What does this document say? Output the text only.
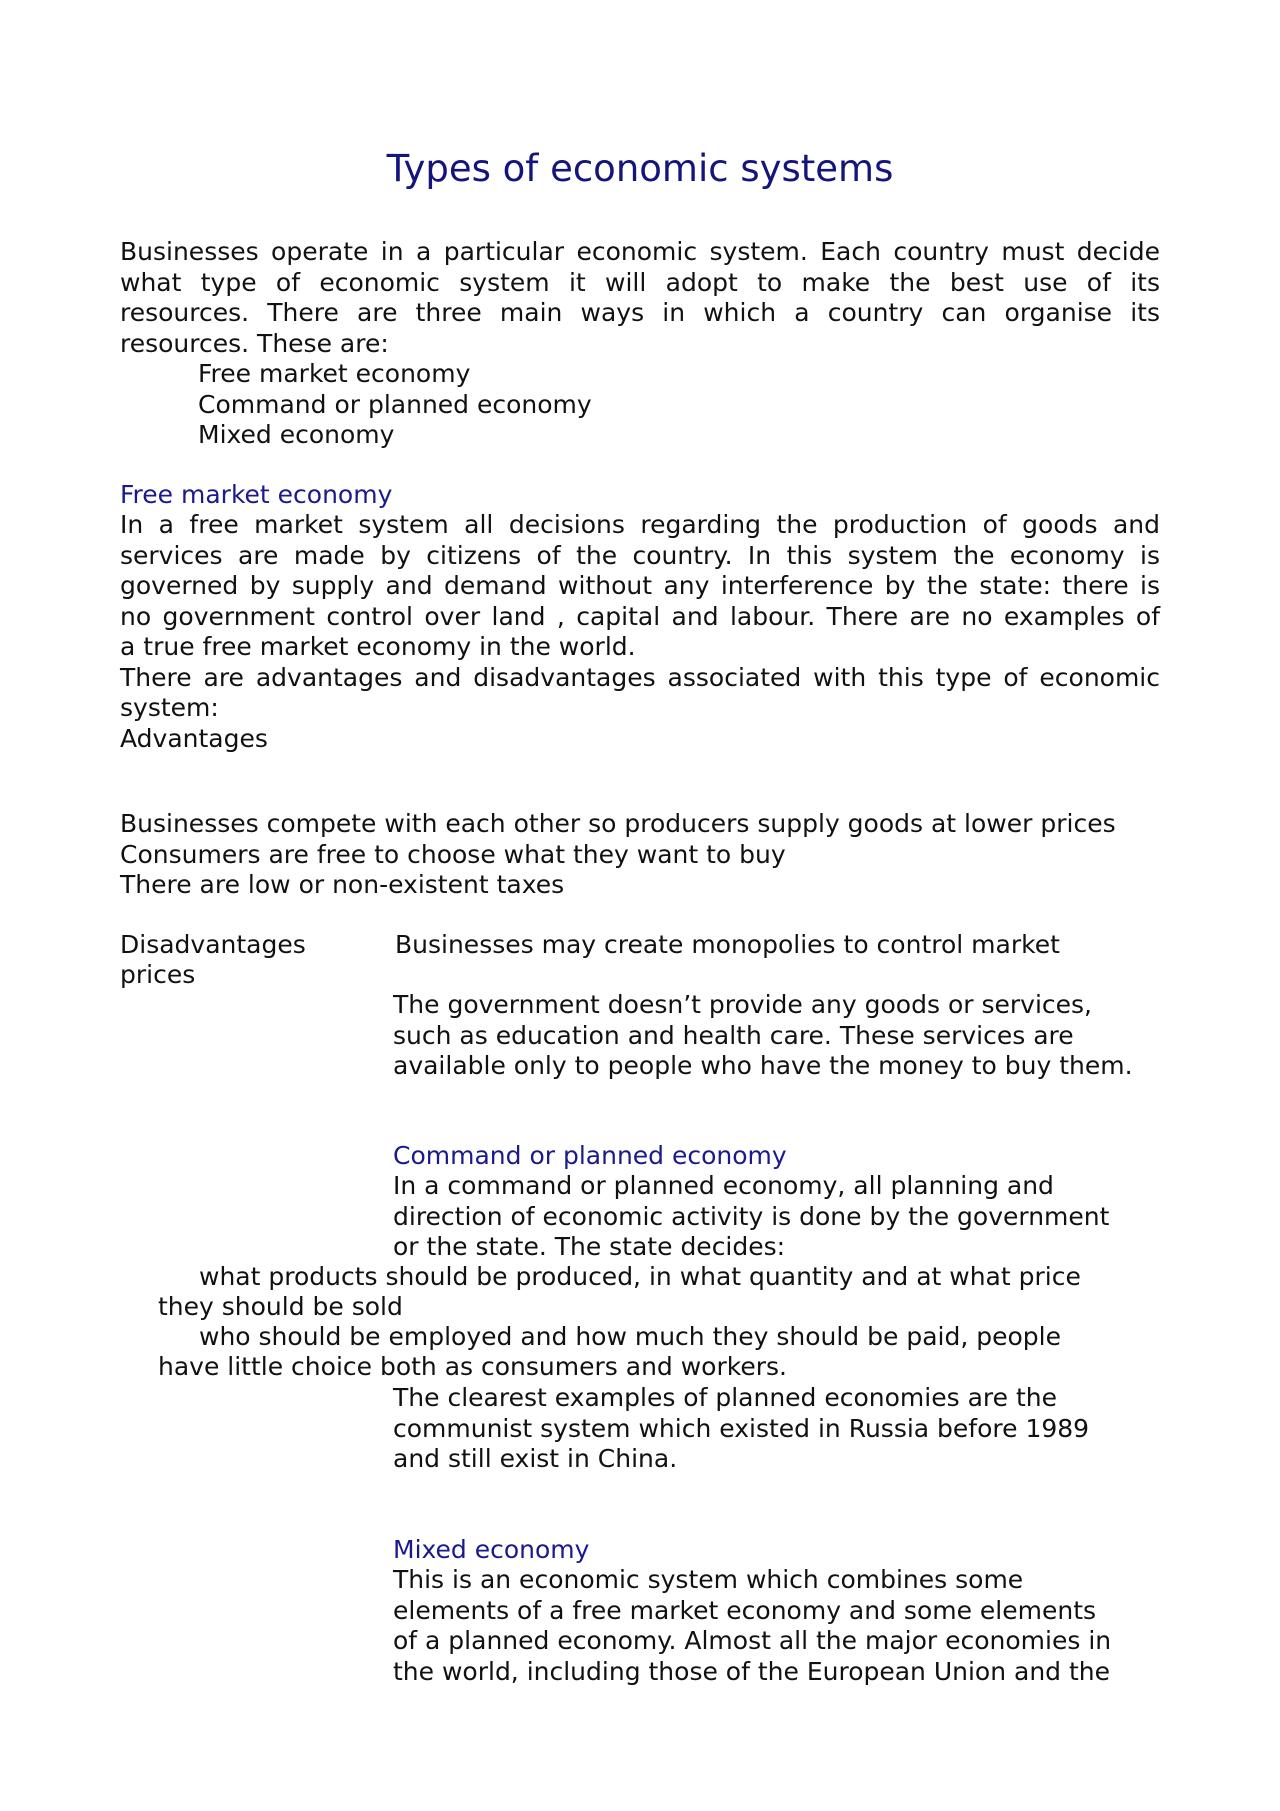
Types of economic systems
Businesses operate in a particular economic system. Each country must decide
what type of economic system it will adopt to make the best use of its
resources. There are three main ways in which a country can organise its
resources. These are:
Free market economy
Command or planned economy
Mixed economy
Free market economy
In a free market system all decisions regarding the production of goods and
services are made by citizens of the country. In this system the economy is
governed by supply and demand without any interference by the state: there is
no government control over land , capital and labour. There are no examples of
a true free market economy in the world.
There are advantages and disadvantages associated with this type of economic
system:
Advantages
Businesses compete with each other so producers supply goods at lower prices
Consumers are free to choose what they want to buy
There are low or non-existent taxes
Disadvantages	Businesses may create monopolies to control market
prices
The government doesn’t provide any goods or services,
such as education and health care. These services are
available only to people who have the money to buy them.
Command or planned economy
In a command or planned economy, all planning and
direction of economic activity is done by the government
or the state. The state decides:
what products should be produced, in what quantity and at what price
they should be sold
who should be employed and how much they should be paid, people
have little choice both as consumers and workers.
The clearest examples of planned economies are the
communist system which existed in Russia before 1989
and still exist in China.
Mixed economy
This is an economic system which combines some
elements of a free market economy and some elements
of a planned economy. Almost all the major economies in
the world, including those of the European Union and the
